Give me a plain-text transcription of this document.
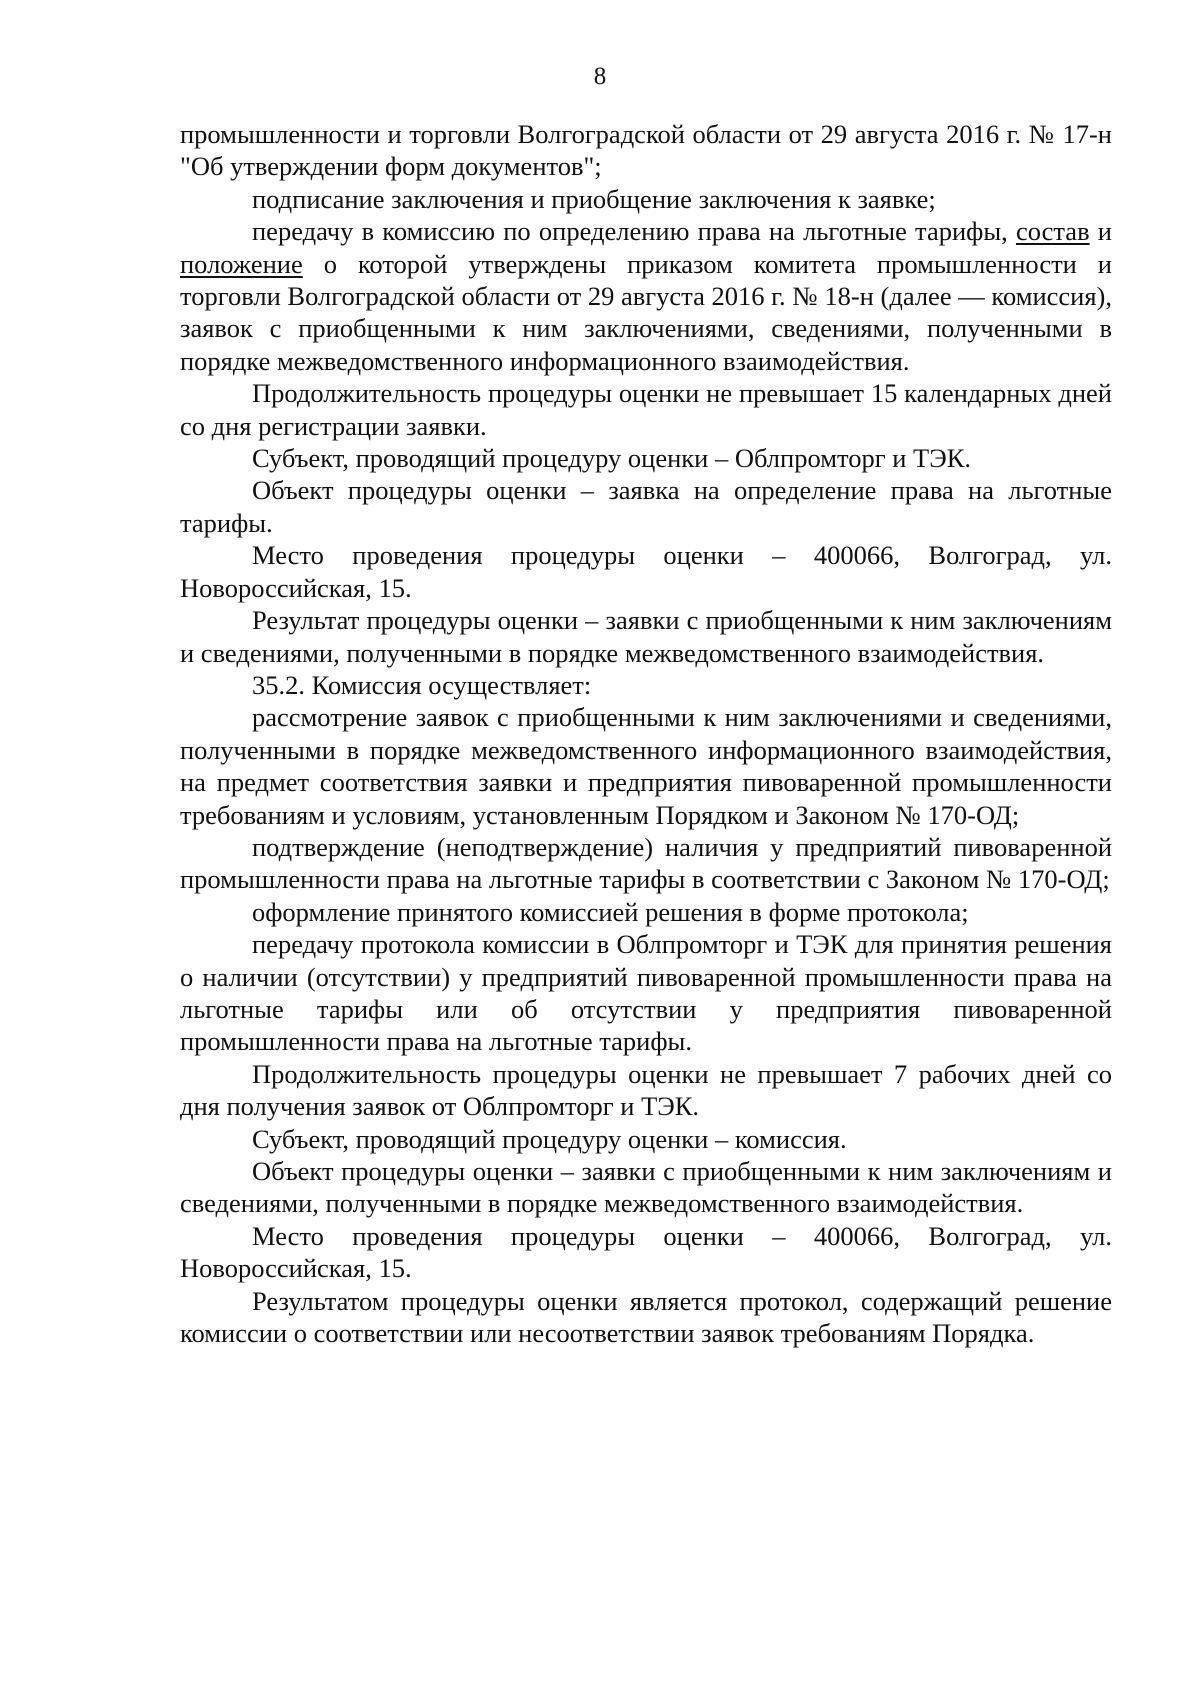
8

промышленности и торговли Волгоградской области от 29 августа 2016 г. № 17-н "Об утверждении форм документов";

подписание заключения и приобщение заключения к заявке;

передачу в комиссию по определению права на льготные тарифы, состав и положение о которой утверждены приказом комитета промышленности и торговли Волгоградской области от 29 августа 2016 г. № 18-н (далее — комиссия), заявок с приобщенными к ним заключениями, сведениями, полученными в порядке межведомственного информационного взаимодействия.

Продолжительность процедуры оценки не превышает 15 календарных дней со дня регистрации заявки.

Субъект, проводящий процедуру оценки – Облпромторг и ТЭК.

Объект процедуры оценки – заявка на определение права на льготные тарифы.

Место проведения процедуры оценки – 400066, Волгоград, ул. Новороссийская, 15.

Результат процедуры оценки – заявки с приобщенными к ним заключениям и сведениями, полученными в порядке межведомственного взаимодействия.

35.2. Комиссия осуществляет:

рассмотрение заявок с приобщенными к ним заключениями и сведениями, полученными в порядке межведомственного информационного взаимодействия, на предмет соответствия заявки и предприятия пивоваренной промышленности требованиям и условиям, установленным Порядком и Законом № 170-ОД;

подтверждение (неподтверждение) наличия у предприятий пивоваренной промышленности права на льготные тарифы в соответствии с Законом № 170-ОД;

оформление принятого комиссией решения в форме протокола;

передачу протокола комиссии в Облпромторг и ТЭК для принятия решения о наличии (отсутствии) у предприятий пивоваренной промышленности права на льготные тарифы или об отсутствии у предприятия пивоваренной промышленности права на льготные тарифы.

Продолжительность процедуры оценки не превышает 7 рабочих дней со дня получения заявок от Облпромторг и ТЭК.

Субъект, проводящий процедуру оценки – комиссия.

Объект процедуры оценки – заявки с приобщенными к ним заключениям и сведениями, полученными в порядке межведомственного взаимодействия.

Место проведения процедуры оценки – 400066, Волгоград, ул. Новороссийская, 15.

Результатом процедуры оценки является протокол, содержащий решение комиссии о соответствии или несоответствии заявок требованиям Порядка.
